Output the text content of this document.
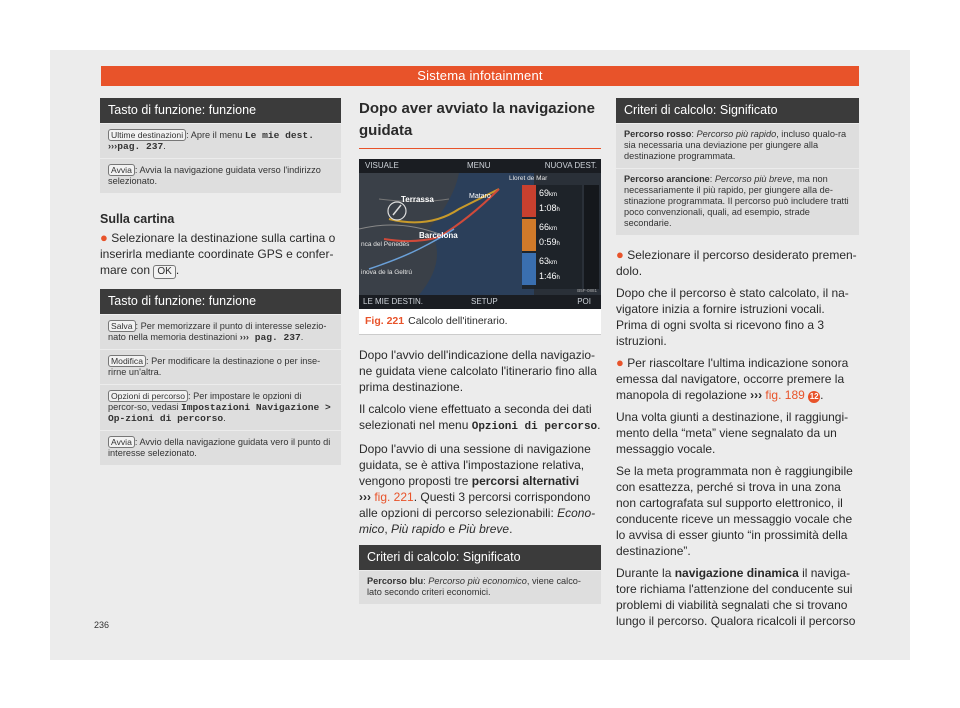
Sistema infotainment
Tasto di funzione: funzione
Ultime destinazioni : Apre il menu Le mie dest.
›››pag. 237.
Avvia : Avvia la navigazione guidata verso l'indirizzo selezionato.
Sulla cartina

● Selezionare la destinazione sulla cartina o inserirla mediante coordinate GPS e confer-mare con OK .

Tasto di funzione: funzione
Salva : Per memorizzare il punto di interesse selezio-nato nella memoria destinazioni ››› pag. 237.
Modifica : Per modificare la destinazione o per inse-rirne un'altra.
Opzioni di percorso : Per impostare le opzioni di percor-so, vedasi Impostazioni Navigazione > Op-zioni di percorso.
Avvia : Avvio della navigazione guidata vero il punto di interesse selezionato.
Dopo aver avviato la navigazione guidata
VISUALE	MENU	NUOVA DEST.
LE MIE DESTIN.	SETUP	POI
Lloret de Mar
Terrassa	Mataro
Barcelona
nca del Penedès
inova de la Geltrú
69km
1:08h
66km
0:59h
63km
1:46h
B5F-0881
Fig. 221 Calcolo dell'itinerario.

Dopo l'avvio dell'indicazione della navigazio-ne guidata viene calcolato l'itinerario fino alla prima destinazione.

Il calcolo viene effettuato a seconda dei dati selezionati nel menu Opzioni di percorso.

Dopo l'avvio di una sessione di navigazione guidata, se è attiva l'impostazione relativa, vengono proposti tre percorsi alternativi
››› fig. 221. Questi 3 percorsi corrispondono alle opzioni di percorso selezionabili: Econo-mico, Più rapido e Più breve.

Criteri di calcolo: Significato
Percorso blu: Percorso più economico, viene calco-lato secondo criteri economici.
Criteri di calcolo: Significato
Percorso rosso: Percorso più rapido, incluso qualo-ra sia necessaria una deviazione per giungere alla destinazione programmata.
Percorso arancione: Percorso più breve, ma non necessariamente il più rapido, per giungere alla de-stinazione programmata. Il percorso può includere tratti poco convenzionali, quali, ad esempio, strade secondarie.

● Selezionare il percorso desiderato premen-dolo.

Dopo che il percorso è stato calcolato, il na-vigatore inizia a fornire istruzioni vocali. Prima di ogni svolta si ricevono fino a 3 istruzioni.

● Per riascoltare l'ultima indicazione sonora emessa dal navigatore, occorre premere la manopola di regolazione ››› fig. 189 12 .

Una volta giunti a destinazione, il raggiungi-mento della “meta” viene segnalato da un messaggio vocale.

Se la meta programmata non è raggiungibile con esattezza, perché si trova in una zona non cartografata sul supporto elettronico, il conducente riceve un messaggio vocale che lo avvisa di esser giunto “in prossimità della destinazione”.

Durante la navigazione dinamica il naviga-tore richiama l'attenzione del conducente sui problemi di viabilità segnalati che si trovano lungo il percorso. Qualora ricalcoli il percorso

236
